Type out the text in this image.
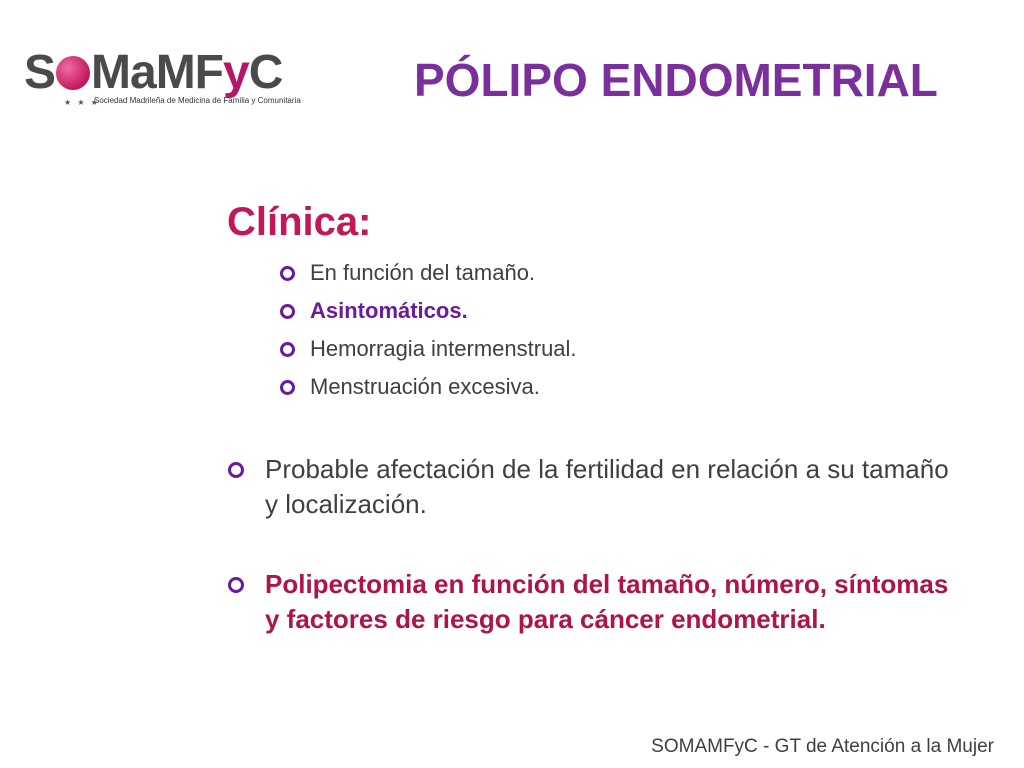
S MaMFyC
★ ★ ★
Sociedad Madrileña de Medicina de Familia y Comunitaria PÓLIPO ENDOMETRIAL
Clínica:
En función del tamaño.
Asintomáticos.
Hemorragia intermenstrual.
Menstruación excesiva.
Probable afectación de la fertilidad en relación a su tamaño y localización.
Polipectomia en función del tamaño, número, síntomas y factores de riesgo para cáncer endometrial.
SOMAMFyC - GT de Atención a la Mujer
